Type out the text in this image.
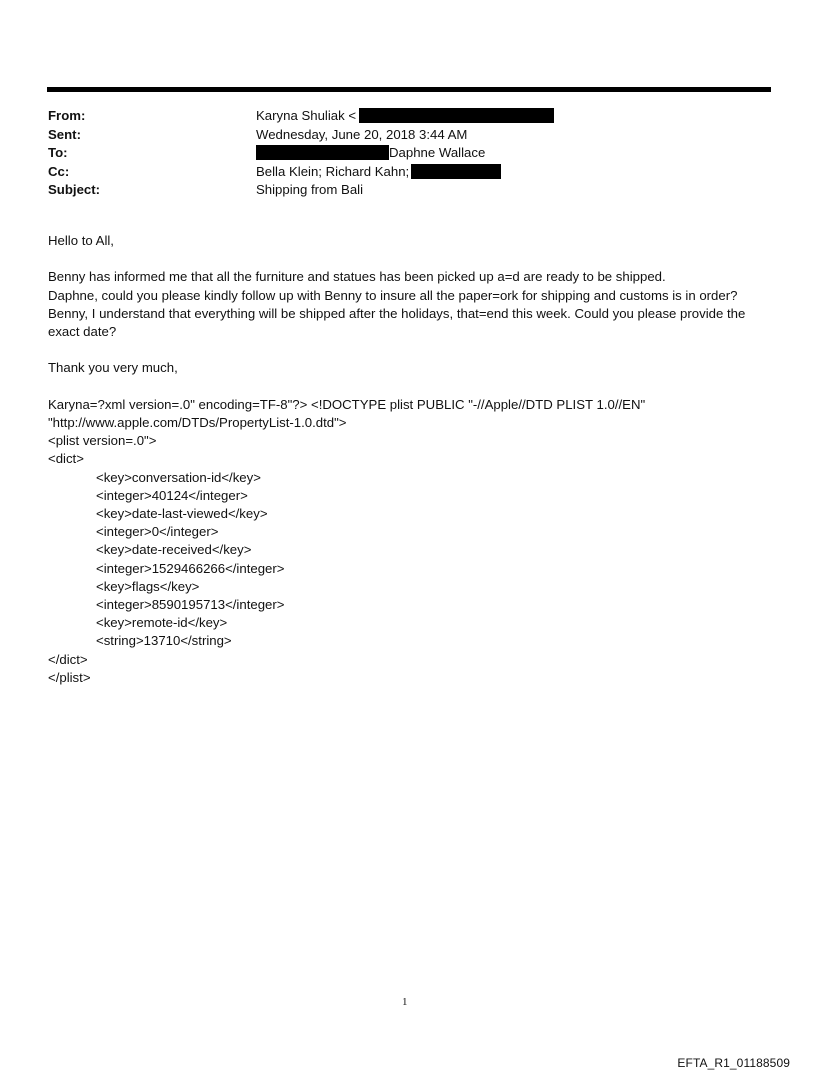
From:	Karyna Shuliak <
Sent:	Wednesday, June 20, 2018 3:44 AM
To:	Daphne Wallace
Cc:	Bella Klein; Richard Kahn;
Subject:	Shipping from Bali

Hello to All,

Benny has informed me that all the furniture and statues has been picked up a=d are ready to be shipped.
Daphne, could you please kindly follow up with Benny to insure all the paper=ork for shipping and customs is in order?
Benny, I understand that everything will be shipped after the holidays, that=end this week. Could you please provide the
exact date?

Thank you very much,

Karyna=?xml version=.0" encoding=TF-8"?> <!DOCTYPE plist PUBLIC "-//Apple//DTD PLIST 1.0//EN"
"http://www.apple.com/DTDs/PropertyList-1.0.dtd">
<plist version=.0">
<dict>
<key>conversation-id</key>
<integer>40124</integer>
<key>date-last-viewed</key>
<integer>0</integer>
<key>date-received</key>
<integer>1529466266</integer>
<key>flags</key>
<integer>8590195713</integer>
<key>remote-id</key>
<string>13710</string>
</dict>
</plist>
1
EFTA_R1_01188509
